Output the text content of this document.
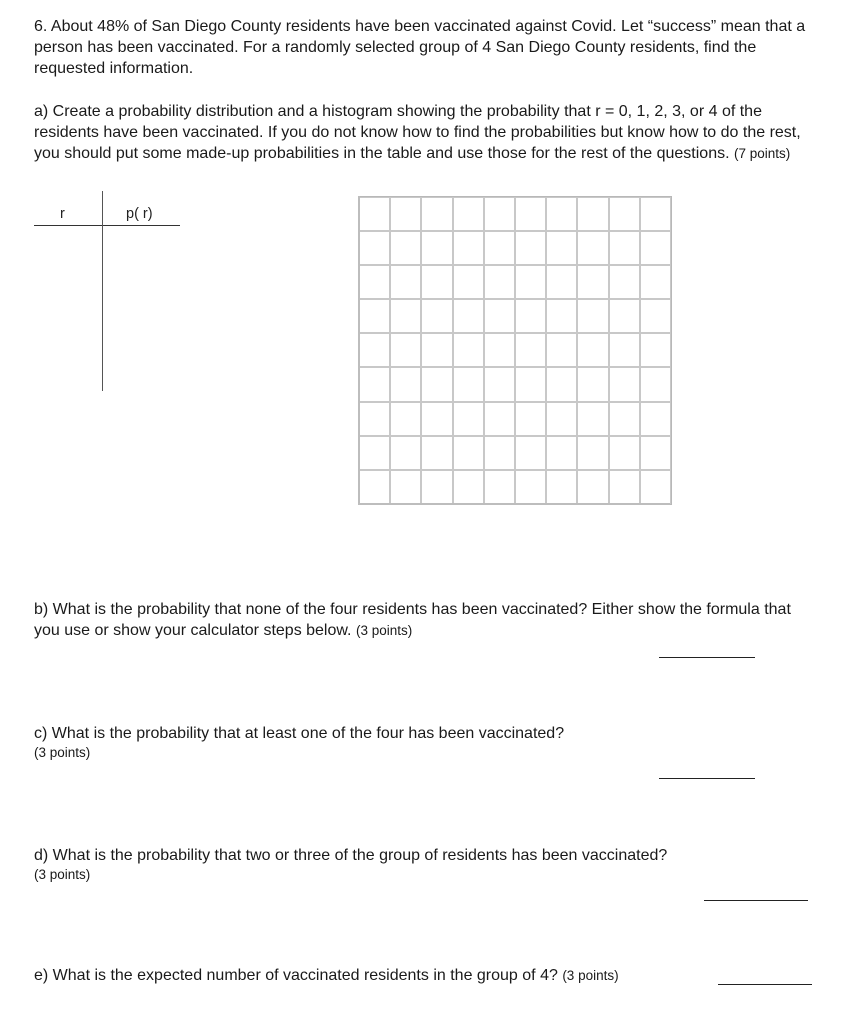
6. About 48% of San Diego County residents have been vaccinated against Covid. Let “success” mean that a person has been vaccinated. For a randomly selected group of 4 San Diego County residents, find the requested information.

a) Create a probability distribution and a histogram showing the probability that r = 0, 1, 2, 3, or 4 of the residents have been vaccinated. If you do not know how to find the probabilities but know how to do the rest, you should put some made-up probabilities in the table and use those for the rest of the questions. (7 points)

r	p( r)

b) What is the probability that none of the four residents has been vaccinated? Either show the formula that you use or show your calculator steps below. (3 points)

c) What is the probability that at least one of the four has been vaccinated?
(3 points)

d) What is the probability that two or three of the group of residents has been vaccinated?
(3 points)

e) What is the expected number of vaccinated residents in the group of 4? (3 points)
